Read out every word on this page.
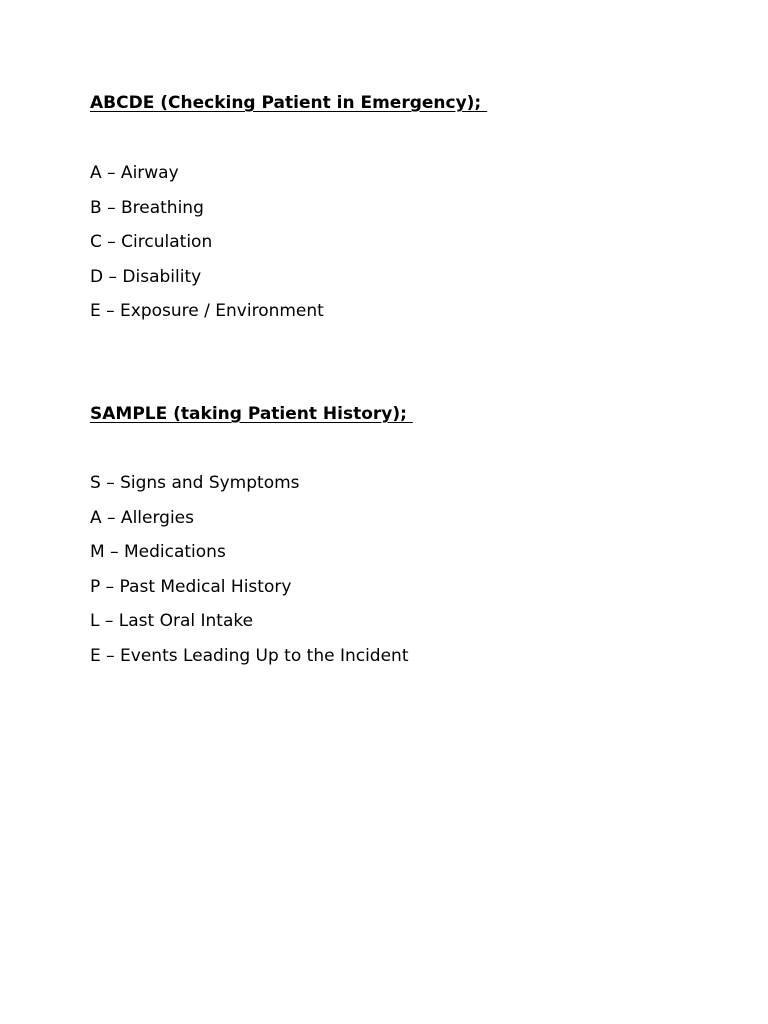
ABCDE (Checking Patient in Emergency);
A – Airway
B – Breathing
C – Circulation
D – Disability
E – Exposure / Environment
SAMPLE (taking Patient History);
S – Signs and Symptoms
A – Allergies
M – Medications
P – Past Medical History
L – Last Oral Intake
E – Events Leading Up to the Incident
